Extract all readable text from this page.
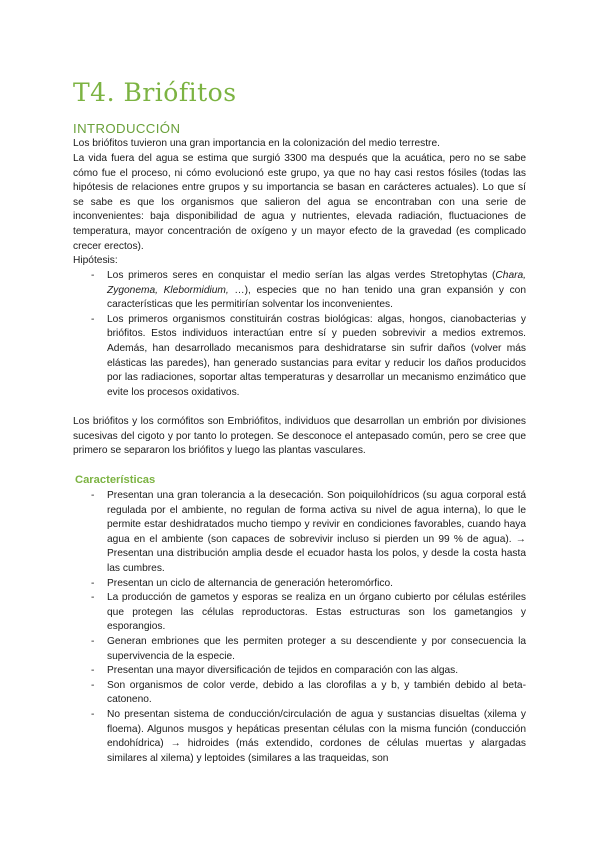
T4. Briófitos
INTRODUCCIÓN

Los briófitos tuvieron una gran importancia en la colonización del medio terrestre.

La vida fuera del agua se estima que surgió 3300 ma después que la acuática, pero no se sabe cómo fue el proceso, ni cómo evolucionó este grupo, ya que no hay casi restos fósiles (todas las hipótesis de relaciones entre grupos y su importancia se basan en carácteres actuales). Lo que sí se sabe es que los organismos que salieron del agua se encontraban con una serie de inconvenientes: baja disponibilidad de agua y nutrientes, elevada radiación, fluctuaciones de temperatura, mayor concentración de oxígeno y un mayor efecto de la gravedad (es complicado crecer erectos).

Hipótesis:

- Los primeros seres en conquistar el medio serían las algas verdes Stretophytas (Chara, Zygonema, Klebormidium, …), especies que no han tenido una gran expansión y con características que les permitirían solventar los inconvenientes.
- Los primeros organismos constituirán costras biológicas: algas, hongos, cianobacterias y briófitos. Estos individuos interactúan entre sí y pueden sobrevivir a medios extremos. Además, han desarrollado mecanismos para deshidratarse sin sufrir daños (volver más elásticas las paredes), han generado sustancias para evitar y reducir los daños producidos por las radiaciones, soportar altas temperaturas y desarrollar un mecanismo enzimático que evite los procesos oxidativos.

Los briófitos y los cormófitos son Embriófitos, individuos que desarrollan un embrión por divisiones sucesivas del cigoto y por tanto lo protegen. Se desconoce el antepasado común, pero se cree que primero se separaron los briófitos y luego las plantas vasculares.

Características
- Presentan una gran tolerancia a la desecación. Son poiquilohídricos (su agua corporal está regulada por el ambiente, no regulan de forma activa su nivel de agua interna), lo que le permite estar deshidratados mucho tiempo y revivir en condiciones favorables, cuando haya agua en el ambiente (son capaces de sobrevivir incluso si pierden un 99 % de agua). → Presentan una distribución amplia desde el ecuador hasta los polos, y desde la costa hasta las cumbres.
- Presentan un ciclo de alternancia de generación heteromórfico.
- La producción de gametos y esporas se realiza en un órgano cubierto por células estériles que protegen las células reproductoras. Estas estructuras son los gametangios y esporangios.
- Generan embriones que les permiten proteger a su descendiente y por consecuencia la supervivencia de la especie.
- Presentan una mayor diversificación de tejidos en comparación con las algas.
- Son organismos de color verde, debido a las clorofilas a y b, y también debido al beta-catoneno.
- No presentan sistema de conducción/circulación de agua y sustancias disueltas (xilema y floema). Algunos musgos y hepáticas presentan células con la misma función (conducción endohídrica) → hidroides (más extendido, cordones de células muertas y alargadas similares al xilema) y leptoides (similares a las traqueidas, son
